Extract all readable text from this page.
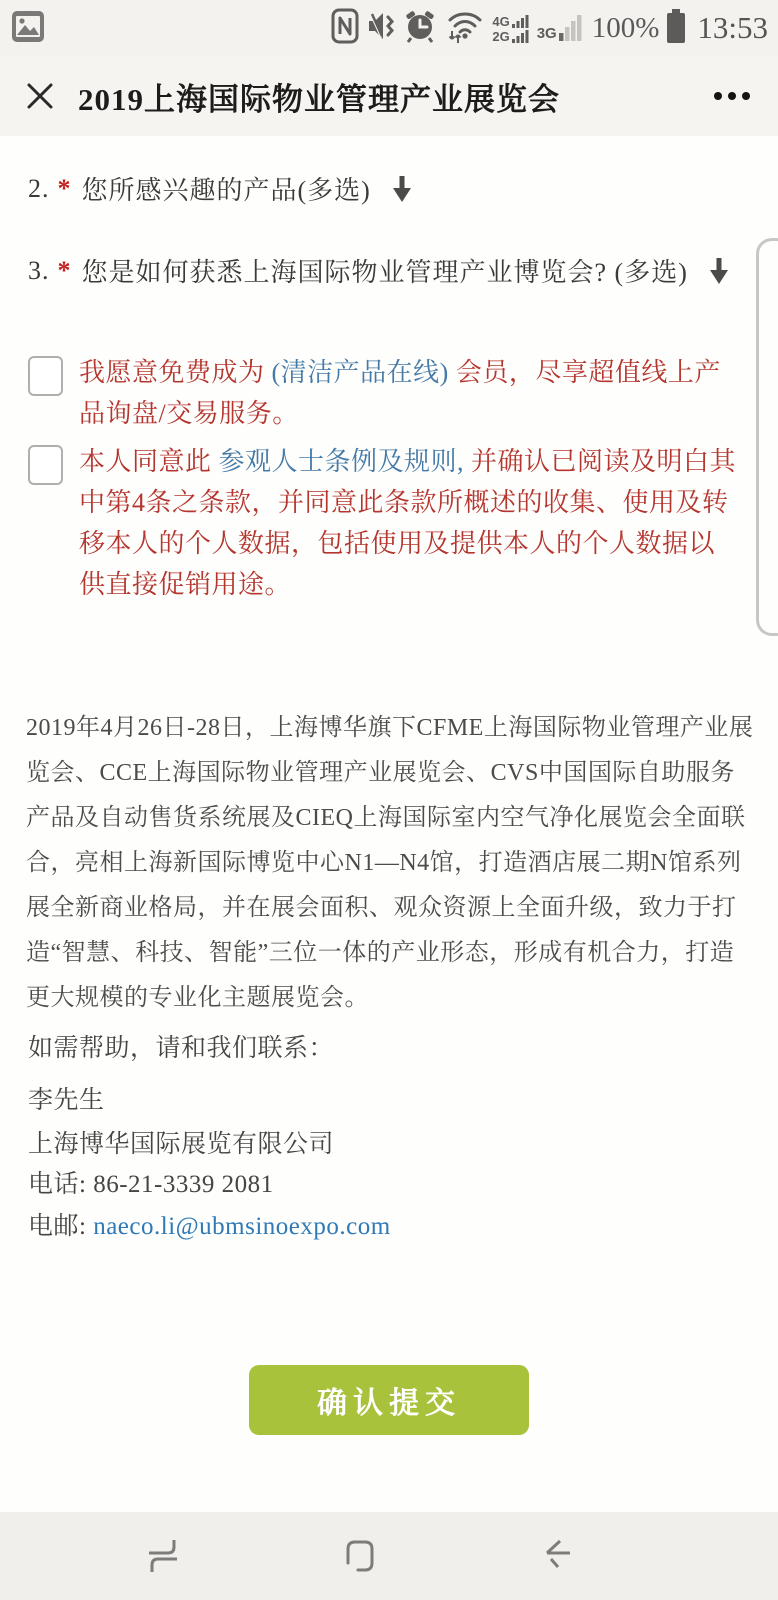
4G
2G 3G 100% 13:53
2019上海国际物业管理产业展览会
2. * 您所感兴趣的产品(多选)
3. * 您是如何获悉上海国际物业管理产业博览会? (多选)
我愿意免费成为 (清洁产品在线) 会员，尽享超值线上产品询盘/交易服务。
本人同意此 参观人士条例及规则, 并确认已阅读及明白其中第4条之条款，并同意此条款所概述的收集、使用及转移本人的个人数据，包括使用及提供本人的个人数据以供直接促销用途。
2019年4月26日-28日，上海博华旗下CFME上海国际物业管理产业展览会、CCE上海国际物业管理产业展览会、CVS中国国际自助服务产品及自动售货系统展及CIEQ上海国际室内空气净化展览会全面联合，亮相上海新国际博览中心N1—N4馆，打造酒店展二期N馆系列展全新商业格局，并在展会面积、观众资源上全面升级，致力于打造“智慧、科技、智能”三位一体的产业形态，形成有机合力，打造更大规模的专业化主题展览会。
如需帮助，请和我们联系：
李先生
上海博华国际展览有限公司
电话: 86-21-3339 2081
电邮: naeco.li@ubmsinoexpo.com
确认提交
